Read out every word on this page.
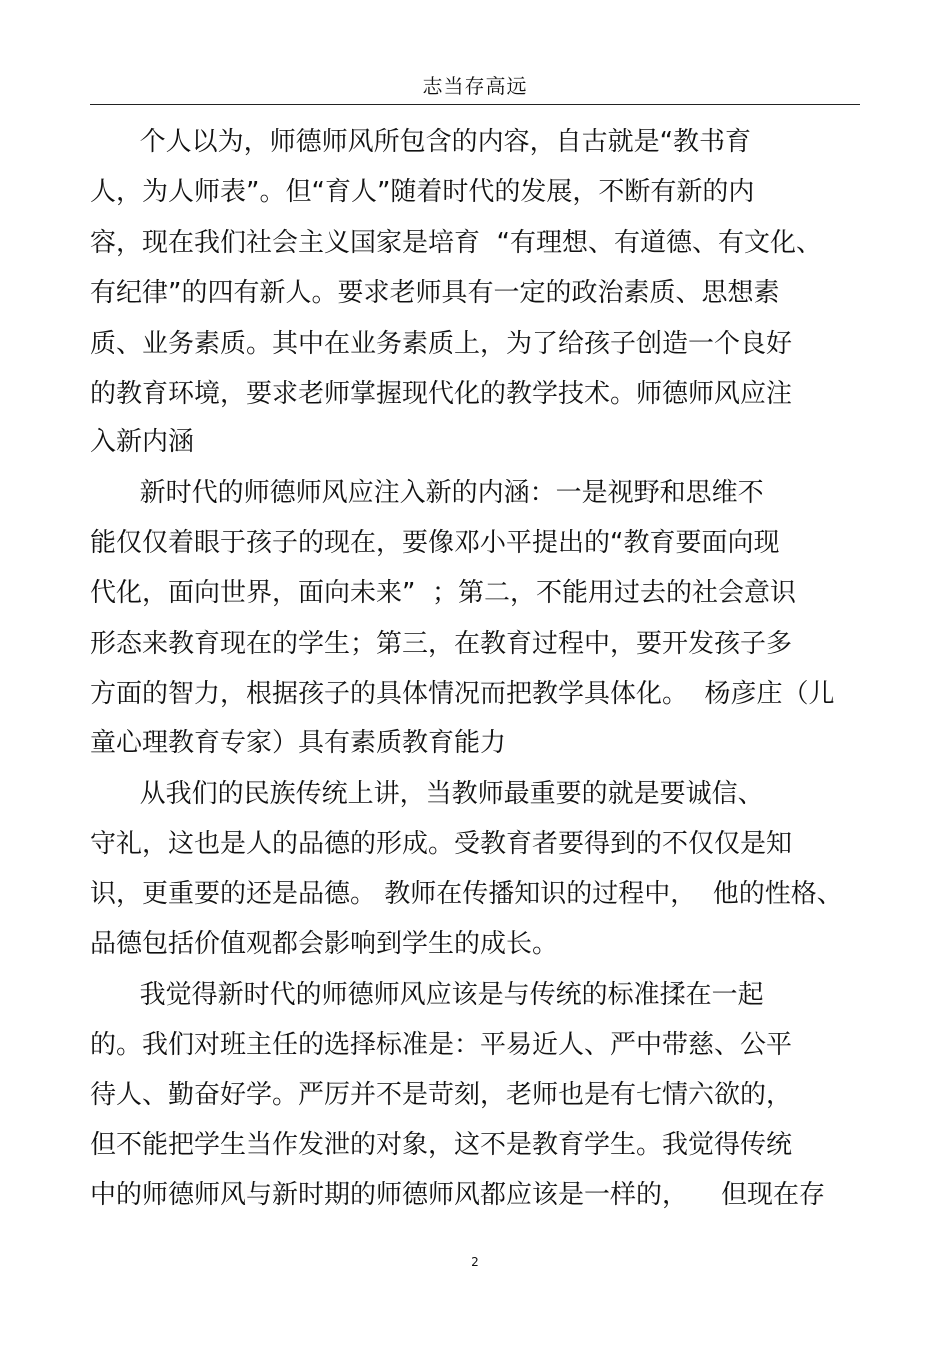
志当存高远
个人以为，师德师风所包含的内容，自古就是“教书育
人，为人师表”。但“育人”随着时代的发展，不断有新的内
容，现在我们社会主义国家是培育  “有理想、有道德、有文化、
有纪律”的四有新人。要求老师具有一定的政治素质、思想素
质、业务素质。其中在业务素质上，为了给孩子创造一个良好
的教育环境，要求老师掌握现代化的教学技术。师德师风应注
入新内涵
新时代的师德师风应注入新的内涵：一是视野和思维不
能仅仅着眼于孩子的现在，要像邓小平提出的“教育要面向现
代化，面向世界，面向未来”  ；第二，不能用过去的社会意识
形态来教育现在的学生；第三，在教育过程中，要开发孩子多
方面的智力，根据孩子的具体情况而把教学具体化。  杨彦庄（儿
童心理教育专家）具有素质教育能力
从我们的民族传统上讲，当教师最重要的就是要诚信、
守礼，这也是人的品德的形成。受教育者要得到的不仅仅是知
识，更重要的还是品德。 教师在传播知识的过程中，  他的性格、
品德包括价值观都会影响到学生的成长。
我觉得新时代的师德师风应该是与传统的标准揉在一起
的。我们对班主任的选择标准是：平易近人、严中带慈、公平
待人、勤奋好学。严厉并不是苛刻，老师也是有七情六欲的，
但不能把学生当作发泄的对象，这不是教育学生。我觉得传统
中的师德师风与新时期的师德师风都应该是一样的，    但现在存
2
